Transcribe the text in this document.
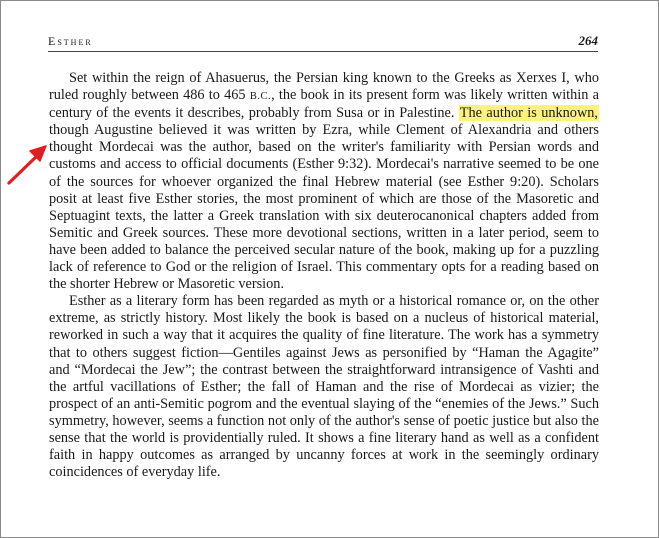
Esther	264

Set within the reign of Ahasuerus, the Persian king known to the Greeks as Xerxes I, who ruled roughly between 486 to 465 B.C., the book in its present form was likely written within a century of the events it describes, probably from Susa or in Palestine. The author is unknown, though Augustine believed it was written by Ezra, while Clement of Alexandria and others thought Mordecai was the author, based on the writer's familiarity with Persian words and customs and access to official documents (Esther 9:32). Mordecai's narrative seemed to be one of the sources for whoever organized the final Hebrew material (see Esther 9:20). Scholars posit at least five Esther stories, the most prominent of which are those of the Masoretic and Septuagint texts, the latter a Greek translation with six deuterocanonical chapters added from Semitic and Greek sources. These more devotional sections, written in a later period, seem to have been added to balance the perceived secular nature of the book, making up for a puzzling lack of reference to God or the religion of Israel. This commentary opts for a reading based on the shorter Hebrew or Masoretic version.

Esther as a literary form has been regarded as myth or a historical romance or, on the other extreme, as strictly history. Most likely the book is based on a nucleus of historical material, reworked in such a way that it acquires the quality of fine literature. The work has a symmetry that to others suggest fiction—Gentiles against Jews as personified by “Haman the Agagite” and “Mordecai the Jew”; the contrast between the straightforward intransigence of Vashti and the artful vacillations of Esther; the fall of Haman and the rise of Mordecai as vizier; the prospect of an anti-Semitic pogrom and the eventual slaying of the “enemies of the Jews.” Such symmetry, however, seems a function not only of the author's sense of poetic justice but also the sense that the world is providentially ruled. It shows a fine literary hand as well as a confident faith in happy outcomes as arranged by uncanny forces at work in the seemingly ordinary coincidences of everyday life.
